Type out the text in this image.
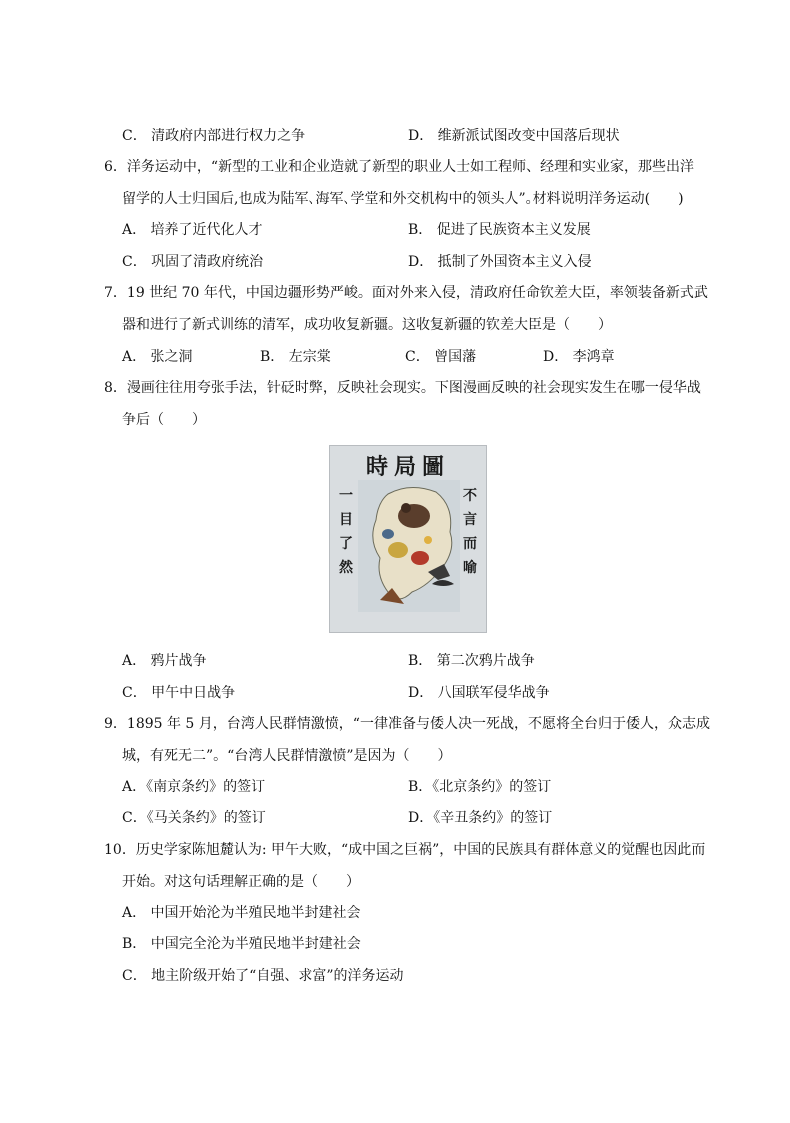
C． 清政府内部进行权力之争	D． 维新派试图改变中国落后现状
6．洋务运动中，“新型的工业和企业造就了新型的职业人士如工程师、经理和实业家，那些出洋
留学的人士归国后,也成为陆军､海军､学堂和外交机构中的领头人”｡材料说明洋务运动(　　)
A． 培养了近代化人才	B． 促进了民族资本主义发展
C． 巩固了清政府统治	D． 抵制了外国资本主义入侵
7．19 世纪 70 年代，中国边疆形势严峻。面对外来入侵，清政府任命钦差大臣，率领装备新式武
器和进行了新式训练的清军，成功收复新疆。这收复新疆的钦差大臣是（　　）
A． 张之洞	B． 左宗棠	C． 曾国藩	D． 李鸿章
8．漫画往往用夸张手法，针砭时弊，反映社会现实。下图漫画反映的社会现实发生在哪一侵华战
争后（　　）
時局圖
一
目
了
然
不
言
而
喻
A． 鸦片战争	B． 第二次鸦片战争
C． 甲午中日战争	D． 八国联军侵华战争
9．1895 年 5 月，台湾人民群情激愤，“一律准备与倭人决一死战，不愿将全台归于倭人，众志成
城，有死无二”。“台湾人民群情激愤”是因为（　　）
A．《南京条约》的签订	B．《北京条约》的签订
C．《马关条约》的签订	D．《辛丑条约》的签订
10．历史学家陈旭麓认为: 甲午大败，“成中国之巨祸”，中国的民族具有群体意义的觉醒也因此而
开始。对这句话理解正确的是（　　）
A． 中国开始沦为半殖民地半封建社会
B． 中国完全沦为半殖民地半封建社会
C． 地主阶级开始了“自强、求富”的洋务运动
